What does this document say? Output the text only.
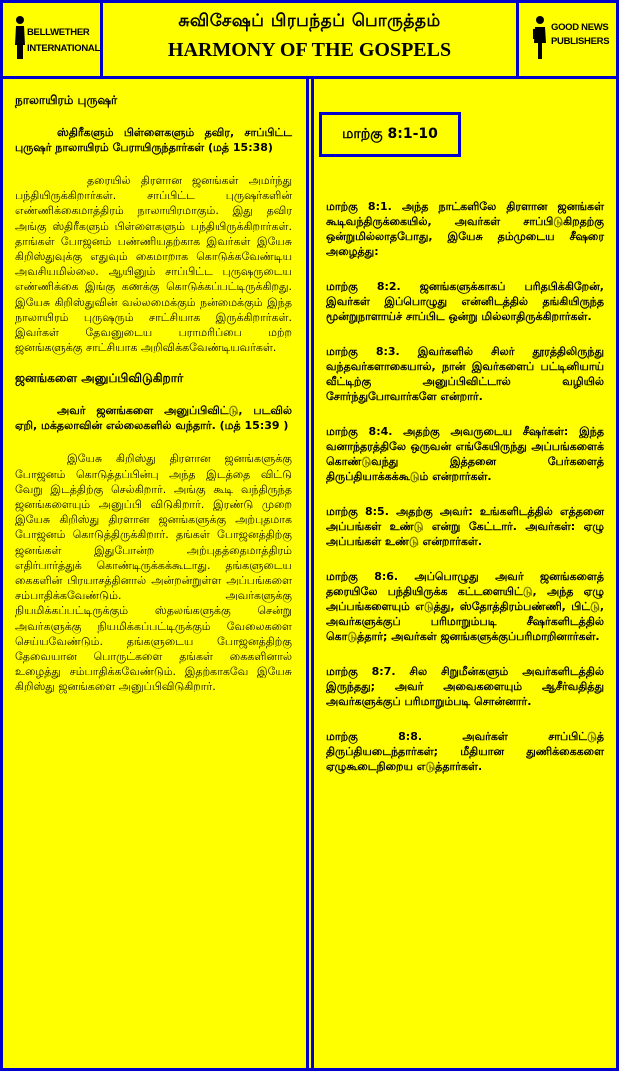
BELLWETHER INTERNATIONAL
சுவிசேஷப் பிரபந்தப் பொருத்தம்
HARMONY OF THE GOSPELS
GOOD NEWS PUBLISHERS
நாலாயிரம் புருஷர்

ஸ்திரீகளும் பிள்ளைகளும் தவிர, சாப்பிட்ட புருஷர் நாலாயிரம் பேராயிருந்தார்கள் (மத் 15:38)

தரையில் திரளான ஜனங்கள் அமர்ந்து பந்தியிருக்கிறார்கள். சாப்பிட்ட புருஷர்களின் எண்ணிக்கைமாத்திரம் நாலாயிரமாகும். இது தவிர அங்கு ஸ்திரீகளும் பிள்ளைகளும் பந்தியிருக்கிறார்கள். தாங்கள் போஜனம் பண்ணியதற்காக இவர்கள் இயேசு கிறிஸ்துவுக்கு எதுவும் கைமாறாக கொடுக்கவேண்டிய அவசியமில்லை. ஆயினும் சாப்பிட்ட புருஷருடைய எண்ணிக்கை இங்கு கணக்கு கொடுக்கப்பட்டிருக்கிறது. இயேசு கிறிஸ்துவின் வல்லமைக்கும் நன்மைக்கும் இந்த நாலாயிரம் புருஷரும் சாட்சியாக இருக்கிறார்கள். இவர்கள் தேவனுடைய பராமரிப்பை மற்ற ஜனங்களுக்கு சாட்சியாக அறிவிக்கவேண்டியவர்கள்.

ஜனங்களை அனுப்பிவிடுகிறார்

அவர் ஜனங்களை அனுப்பிவிட்டு, படவில் ஏறி, மக்தலாவின் எல்லைகளில் வந்தார். (மத் 15:39 )

இயேசு கிறிஸ்து திரளான ஜனங்களுக்கு போஜனம் கொடுத்தப்பின்பு அந்த இடத்தை விட்டு வேறு இடத்திற்கு செல்கிறார். அங்கு கூடி வந்திருந்த ஜனங்களையும் அனுப்பி விடுகிறார். இரண்டு முறை இயேசு கிறிஸ்து திரளான ஜனங்களுக்கு அற்புதமாக போஜனம் கொடுத்திருக்கிறார். தங்கள் போஜனத்திற்கு ஜனங்கள் இதுபோன்ற அற்புதத்தைமாத்திரம் எதிர்பார்த்துக் கொண்டிருக்கக்கூடாது. தங்களுடைய கைகளின் பிரயாசத்தினால் அன்றன்றுள்ள அப்பங்களை சம்பாதிக்கவேண்டும். அவர்களுக்கு நியமிக்கப்பட்டிருக்கும் ஸ்தலங்களுக்கு சென்று அவர்களுக்கு நியமிக்கப்பட்டிருக்கும் வேலைகளை செய்யவேண்டும். தங்களுடைய போஜனத்திற்கு தேவையான பொருட்களை தங்கள் கைகளினால் உழைத்து சம்பாதிக்கவேண்டும். இதற்காகவே இயேசு கிறிஸ்து ஜனங்களை அனுப்பிவிடுகிறார்.

மாற்கு 8:1-10

மாற்கு 8:1. அந்த நாட்களிலே திரளான ஜனங்கள் கூடிவந்திருக்கையில், அவர்கள் சாப்பிடுகிறதற்கு ஒன்றுமில்லாதபோது, இயேசு தம்முடைய சீஷரை அழைத்து:

மாற்கு 8:2. ஜனங்களுக்காகப் பரிதபிக்கிறேன், இவர்கள் இப்பொழுது என்னிடத்தில் தங்கியிருந்த மூன்றுநாளாய்ச் சாப்பிட ஒன்று மில்லாதிருக்கிறார்கள்.

மாற்கு 8:3. இவர்களில் சிலர் தூரத்திலிருந்து வந்தவர்களாகையால், நான் இவர்களைப் பட்டினியாய் வீட்டிற்கு அனுப்பிவிட்டால் வழியில் சோர்ந்துபோவார்களே என்றார்.

மாற்கு 8:4. அதற்கு அவருடைய சீஷர்கள்: இந்த வனாந்தரத்திலே ஒருவன் எங்கேயிருந்து அப்பங்களைக் கொண்டுவந்து இத்தனை பேர்களைத் திருப்தியாக்கக்கூடும் என்றார்கள்.

மாற்கு 8:5. அதற்கு அவர்: உங்களிடத்தில் எத்தனை அப்பங்கள் உண்டு என்று கேட்டார். அவர்கள்: ஏழு அப்பங்கள் உண்டு என்றார்கள்.

மாற்கு 8:6. அப்பொழுது அவர் ஜனங்களைத் தரையிலே பந்தியிருக்க கட்டளையிட்டு, அந்த ஏழு அப்பங்களையும் எடுத்து, ஸ்தோத்திரம்பண்ணி, பிட்டு, அவர்களுக்குப் பரிமாறும்படி சீஷர்களிடத்தில் கொடுத்தார்; அவர்கள் ஜனங்களுக்குப்பரிமாறினார்கள்.

மாற்கு 8:7. சில சிறுமீன்களும் அவர்களிடத்தில் இருந்தது; அவர் அவைகளையும் ஆசீர்வதித்து அவர்களுக்குப் பரிமாறும்படி சொன்னார்.

மாற்கு 8:8. அவர்கள் சாப்பிட்டுத் திருப்தியடைந்தார்கள்; மீதியான துணிக்கைகளை ஏழுகூடைநிறைய எடுத்தார்கள்.
